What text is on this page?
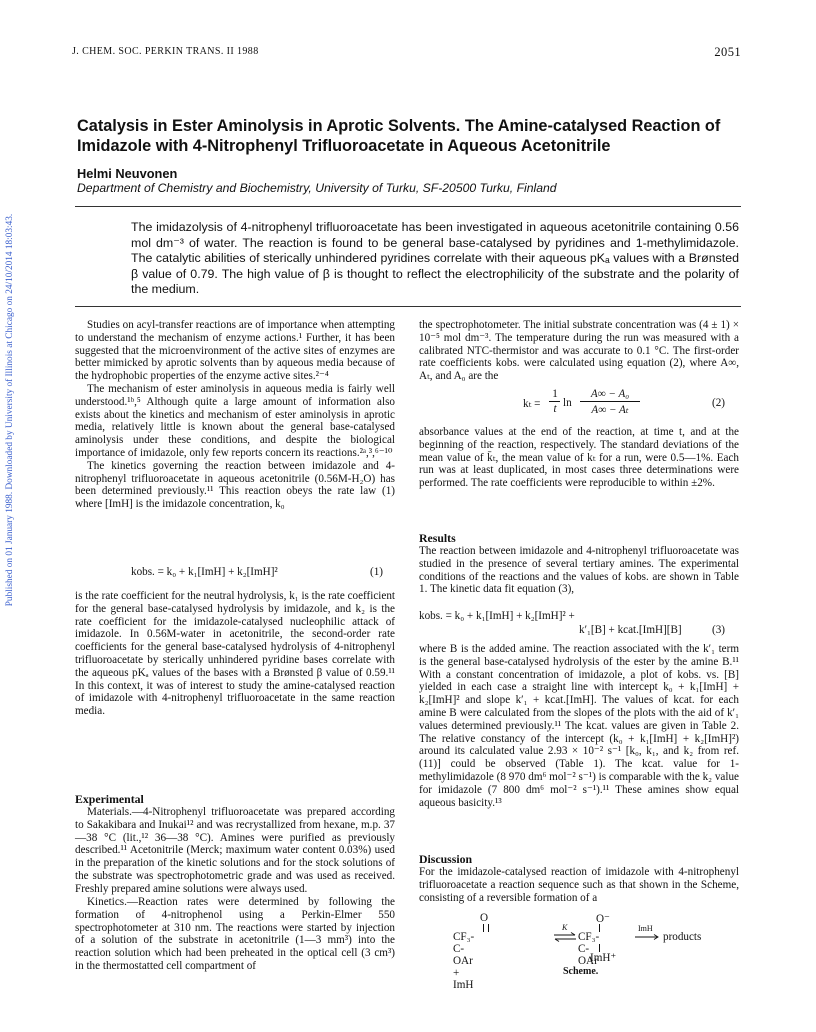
Published on 01 January 1988. Downloaded by University of Illinois at Chicago on 24/10/2014 18:03:43.
J. CHEM. SOC. PERKIN TRANS. II 1988	2051
Catalysis in Ester Aminolysis in Aprotic Solvents. The Amine-catalysed Reaction of Imidazole with 4-Nitrophenyl Trifluoroacetate in Aqueous Acetonitrile
Helmi Neuvonen
Department of Chemistry and Biochemistry, University of Turku, SF-20500 Turku, Finland
The imidazolysis of 4-nitrophenyl trifluoroacetate has been investigated in aqueous acetonitrile containing 0.56 mol dm⁻³ of water. The reaction is found to be general base-catalysed by pyridines and 1-methylimidazole. The catalytic abilities of sterically unhindered pyridines correlate with their aqueous pKₐ values with a Brønsted β value of 0.79. The high value of β is thought to reflect the electrophilicity of the substrate and the polarity of the medium.

Studies on acyl-transfer reactions are of importance when attempting to understand the mechanism of enzyme actions.¹ Further, it has been suggested that the microenvironment of the active sites of enzymes are better mimicked by aprotic solvents than by aqueous media because of the hydrophobic properties of the enzyme active sites.²⁻⁴

The mechanism of ester aminolysis in aqueous media is fairly well understood.¹ᵇ,⁵ Although quite a large amount of information also exists about the kinetics and mechanism of ester aminolysis in aprotic media, relatively little is known about the general base-catalysed aminolysis under these conditions, and despite the biological importance of imidazole, only few reports concern its reactions.²ᵃ,³,⁶⁻¹⁰

The kinetics governing the reaction between imidazole and 4-nitrophenyl trifluoroacetate in aqueous acetonitrile (0.56M-H₂O) has been determined previously.¹¹ This reaction obeys the rate law (1) where [ImH] is the imidazole concentration, k₀

kobs. = k₀ + k₁[ImH] + k₂[ImH]²	(1)

is the rate coefficient for the neutral hydrolysis, k₁ is the rate coefficient for the general base-catalysed hydrolysis by imidazole, and k₂ is the rate coefficient for the imidazole-catalysed nucleophilic attack of imidazole. In 0.56M-water in acetonitrile, the second-order rate coefficients for the general base-catalysed hydrolysis of 4-nitrophenyl trifluoroacetate by sterically unhindered pyridine bases correlate with the aqueous pKₐ values of the bases with a Brønsted β value of 0.59.¹¹ In this context, it was of interest to study the amine-catalysed reaction of imidazole with 4-nitrophenyl trifluoroacetate in the same reaction media.

Experimental

Materials.—4-Nitrophenyl trifluoroacetate was prepared according to Sakakibara and Inukai¹² and was recrystallized from hexane, m.p. 37—38 °C (lit.,¹² 36—38 °C). Amines were purified as previously described.¹¹ Acetonitrile (Merck; maximum water content 0.03%) used in the preparation of the kinetic solutions and for the stock solutions of the substrate was spectrophotometric grade and was used as received. Freshly prepared amine solutions were always used.

Kinetics.—Reaction rates were determined by following the formation of 4-nitrophenol using a Perkin-Elmer 550 spectrophotometer at 310 nm. The reactions were started by injection of a solution of the substrate in acetonitrile (1—3 mm³) into the reaction solution which had been preheated in the optical cell (3 cm³) in the thermostatted cell compartment of

the spectrophotometer. The initial substrate concentration was (4 ± 1) × 10⁻⁵ mol dm⁻³. The temperature during the run was measured with a calibrated NTC-thermistor and was accurate to 0.1 °C. The first-order rate coefficients kobs. were calculated using equation (2), where A∞, Aₜ, and A₀ are the

kₜ =
1
t ln
A∞ − A₀
A∞ − Aₜ
(2)

absorbance values at the end of the reaction, at time t, and at the beginning of the reaction, respectively. The standard deviations of the mean value of k̄ₜ, the mean value of kₜ for a run, were 0.5—1%. Each run was at least duplicated, in most cases three determinations were performed. The rate coefficients were reproducible to within ±2%.

Results

The reaction between imidazole and 4-nitrophenyl trifluoroacetate was studied in the presence of several tertiary amines. The experimental conditions of the reactions and the values of kobs. are shown in Table 1. The kinetic data fit equation (3),

kobs. = k₀ + k₁[ImH] + k₂[ImH]² +
k′₁[B] + kcat.[ImH][B]	(3)

where B is the added amine. The reaction associated with the k′₁ term is the general base-catalysed hydrolysis of the ester by the amine B.¹¹ With a constant concentration of imidazole, a plot of kobs. vs. [B] yielded in each case a straight line with intercept k₀ + k₁[ImH] + k₂[ImH]² and slope k′₁ + kcat.[ImH]. The values of kcat. for each amine B were calculated from the slopes of the plots with the aid of k′₁ values determined previously.¹¹ The kcat. values are given in Table 2. The relative constancy of the intercept (k₀ + k₁[ImH] + k₂[ImH]²) around its calculated value 2.93 × 10⁻² s⁻¹ [k₀, k₁, and k₂ from ref. (11)] could be observed (Table 1). The kcat. value for 1-methylimidazole (8 970 dm⁶ mol⁻² s⁻¹) is comparable with the k₂ value for imidazole (7 800 dm⁶ mol⁻² s⁻¹).¹¹ These amines show equal aqueous basicity.¹³

Discussion

For the imidazole-catalysed reaction of imidazole with 4-nitrophenyl trifluoroacetate a reaction sequence such as that shown in the Scheme, consisting of a reversible formation of a

O
CF₃-C-OAr + ImH
K
O⁻
CF₃-C-OAr
ImH
products
ImH⁺
Scheme.
